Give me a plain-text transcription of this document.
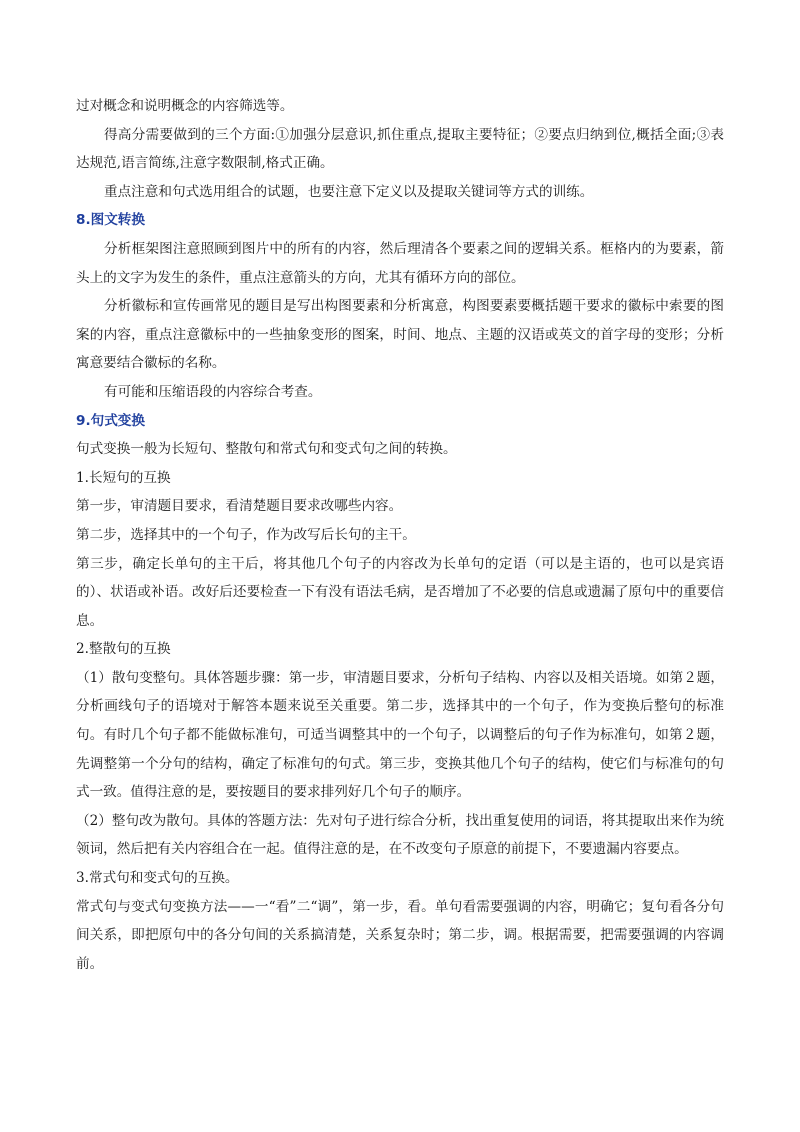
过对概念和说明概念的内容筛选等。

得高分需要做到的三个方面:①加强分层意识,抓住重点,提取主要特征；②要点归纳到位,概括全面;③表达规范,语言简练,注意字数限制,格式正确。

重点注意和句式选用组合的试题，也要注意下定义以及提取关键词等方式的训练。

8.图文转换

分析框架图注意照顾到图片中的所有的内容，然后理清各个要素之间的逻辑关系。框格内的为要素，箭头上的文字为发生的条件，重点注意箭头的方向，尤其有循环方向的部位。

分析徽标和宣传画常见的题目是写出构图要素和分析寓意，构图要素要概括题干要求的徽标中索要的图案的内容，重点注意徽标中的一些抽象变形的图案，时间、地点、主题的汉语或英文的首字母的变形；分析寓意要结合徽标的名称。

有可能和压缩语段的内容综合考查。

9.句式变换

句式变换一般为长短句、整散句和常式句和变式句之间的转换。

1.长短句的互换

第一步，审清题目要求，看清楚题目要求改哪些内容。

第二步，选择其中的一个句子，作为改写后长句的主干。

第三步，确定长单句的主干后，将其他几个句子的内容改为长单句的定语（可以是主语的，也可以是宾语的）、状语或补语。改好后还要检查一下有没有语法毛病，是否增加了不必要的信息或遗漏了原句中的重要信息。

2.整散句的互换

（1）散句变整句。具体答题步骤：第一步，审清题目要求，分析句子结构、内容以及相关语境。如第２题，分析画线句子的语境对于解答本题来说至关重要。第二步，选择其中的一个句子，作为变换后整句的标准句。有时几个句子都不能做标准句，可适当调整其中的一个句子，以调整后的句子作为标准句，如第２题，先调整第一个分句的结构，确定了标准句的句式。第三步，变换其他几个句子的结构，使它们与标准句的句式一致。值得注意的是，要按题目的要求排列好几个句子的顺序。

（2）整句改为散句。具体的答题方法：先对句子进行综合分析，找出重复使用的词语，将其提取出来作为统领词，然后把有关内容组合在一起。值得注意的是，在不改变句子原意的前提下，不要遗漏内容要点。

3.常式句和变式句的互换。

常式句与变式句变换方法——一“看”二“调”，第一步，看。单句看需要强调的内容，明确它；复句看各分句间关系，即把原句中的各分句间的关系搞清楚，关系复杂时；第二步，调。根据需要，把需要强调的内容调前。
